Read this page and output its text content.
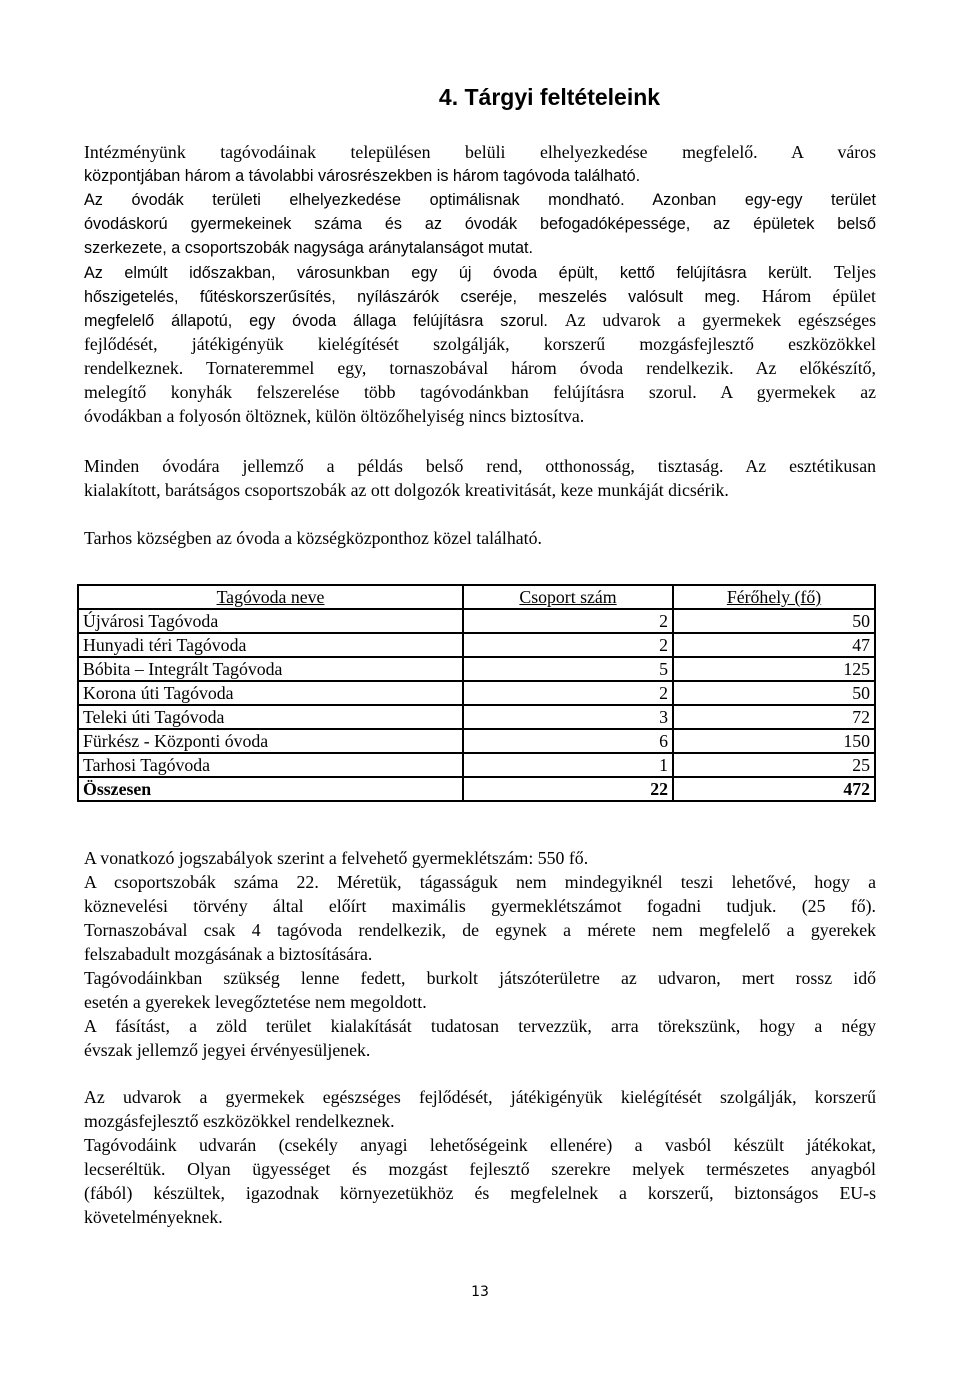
4. Tárgyi feltételeink
Intézményünk tagóvodáinak településen belüli elhelyezkedése megfelelő. A város
központjában három a távolabbi városrészekben is három tagóvoda található.
Az óvodák területi elhelyezkedése optimálisnak mondható. Azonban egy-egy terület
óvodáskorú gyermekeinek száma és az óvodák befogadóképessége, az épületek belső
szerkezete, a csoportszobák nagysága aránytalanságot mutat.
Az elmúlt időszakban, városunkban egy új óvoda épült, kettő felújításra került. Teljes
hőszigetelés, fűtéskorszerűsítés, nyílászárók cseréje, meszelés valósult meg. Három épület
megfelelő állapotú, egy óvoda állaga felújításra szorul. Az udvarok a gyermekek egészséges
fejlődését, játékigényük kielégítését szolgálják, korszerű mozgásfejlesztő eszközökkel
rendelkeznek. Tornateremmel egy, tornaszobával három óvoda rendelkezik. Az előkészítő,
melegítő konyhák felszerelése több tagóvodánkban felújításra szorul. A gyermekek az
óvodákban a folyosón öltöznek, külön öltözőhelyiség nincs biztosítva.
Minden óvodára jellemző a példás belső rend, otthonosság, tisztaság. Az esztétikusan
kialakított, barátságos csoportszobák az ott dolgozók kreativitását, keze munkáját dicsérik.
Tarhos községben az óvoda a községközponthoz közel található.
Tagóvoda neve	Csoport szám	Férőhely (fő)
Újvárosi Tagóvoda	2	50
Hunyadi téri Tagóvoda	2	47
Bóbita – Integrált Tagóvoda	5	125
Korona úti Tagóvoda	2	50
Teleki úti Tagóvoda	3	72
Fürkész - Központi óvoda	6	150
Tarhosi Tagóvoda	1	25
Összesen	22	472
A vonatkozó jogszabályok szerint a felvehető gyermeklétszám: 550 fő.
A csoportszobák száma 22. Méretük, tágasságuk nem mindegyiknél teszi lehetővé, hogy a
köznevelési törvény által előírt maximális gyermeklétszámot fogadni tudjuk. (25 fő).
Tornaszobával csak 4 tagóvoda rendelkezik, de egynek a mérete nem megfelelő a gyerekek
felszabadult mozgásának a biztosítására.
Tagóvodáinkban szükség lenne fedett, burkolt játszóterületre az udvaron, mert rossz idő
esetén a gyerekek levegőztetése nem megoldott.
A fásítást, a zöld terület kialakítását tudatosan tervezzük, arra törekszünk, hogy a négy
évszak jellemző jegyei érvényesüljenek.
Az udvarok a gyermekek egészséges fejlődését, játékigényük kielégítését szolgálják, korszerű
mozgásfejlesztő eszközökkel rendelkeznek.
Tagóvodáink udvarán (csekély anyagi lehetőségeink ellenére) a vasból készült játékokat,
lecseréltük. Olyan ügyességet és mozgást fejlesztő szerekre melyek természetes anyagból
(fából) készültek, igazodnak környezetükhöz és megfelelnek a korszerű, biztonságos EU-s
követelményeknek.
13
